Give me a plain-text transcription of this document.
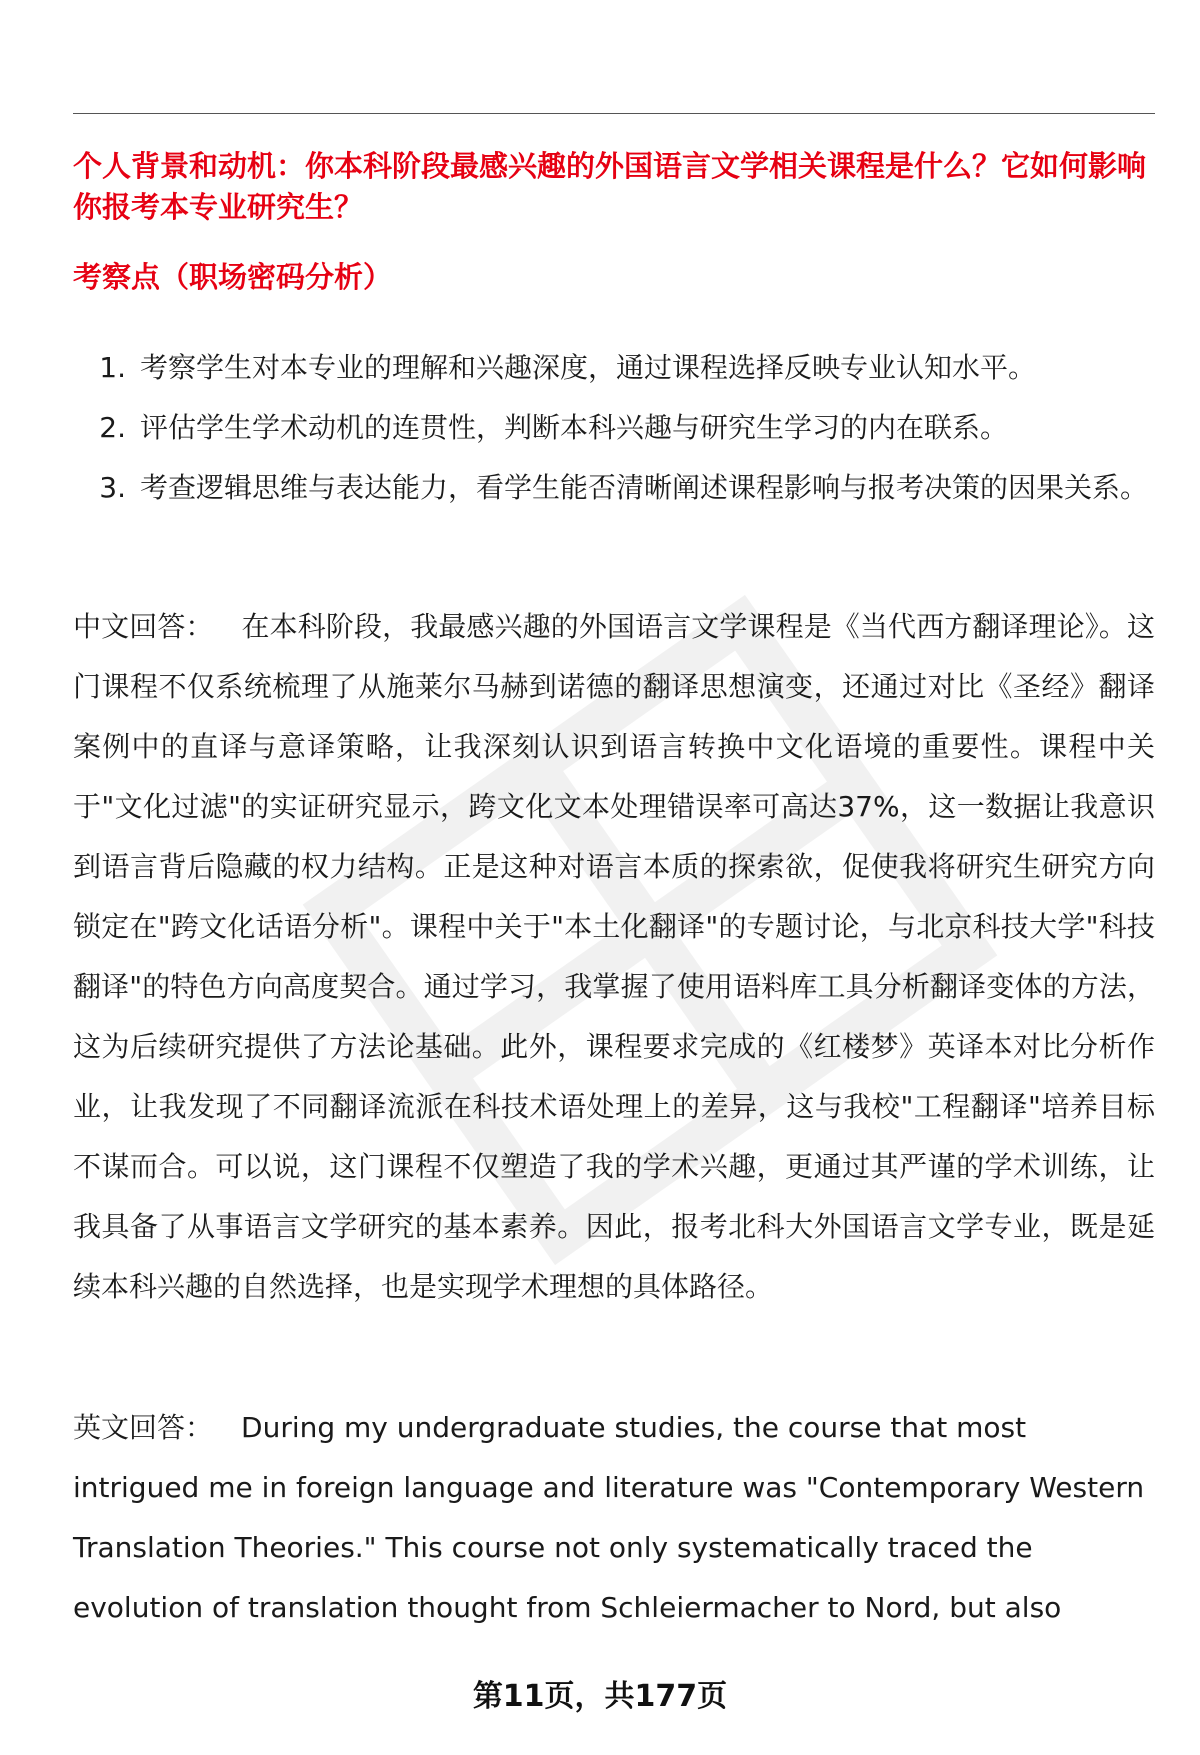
个人背景和动机：你本科阶段最感兴趣的外国语言文学相关课程是什么？它如何影响你报考本专业研究生？
考察点（职场密码分析）
1. 考察学生对本专业的理解和兴趣深度，通过课程选择反映专业认知水平。
2. 评估学生学术动机的连贯性，判断本科兴趣与研究生学习的内在联系。
3. 考查逻辑思维与表达能力，看学生能否清晰阐述课程影响与报考决策的因果关系。

中文回答： 在本科阶段，我最感兴趣的外国语言文学课程是《当代西方翻译理论》。这门课程不仅系统梳理了从施莱尔马赫到诺德的翻译思想演变，还通过对比《圣经》翻译案例中的直译与意译策略，让我深刻认识到语言转换中文化语境的重要性。课程中关于"文化过滤"的实证研究显示，跨文化文本处理错误率可高达37%，这一数据让我意识到语言背后隐藏的权力结构。正是这种对语言本质的探索欲，促使我将研究生研究方向锁定在"跨文化话语分析"。课程中关于"本土化翻译"的专题讨论，与北京科技大学"科技翻译"的特色方向高度契合。通过学习，我掌握了使用语料库工具分析翻译变体的方法，这为后续研究提供了方法论基础。此外，课程要求完成的《红楼梦》英译本对比分析作业，让我发现了不同翻译流派在科技术语处理上的差异，这与我校"工程翻译"培养目标不谋而合。可以说，这门课程不仅塑造了我的学术兴趣，更通过其严谨的学术训练，让我具备了从事语言文学研究的基本素养。因此，报考北科大外国语言文学专业，既是延续本科兴趣的自然选择，也是实现学术理想的具体路径。

英文回答： During my undergraduate studies, the course that most intrigued me in foreign language and literature was "Contemporary Western Translation Theories." This course not only systematically traced the evolution of translation thought from Schleiermacher to Nord, but also

第11页，共177页
